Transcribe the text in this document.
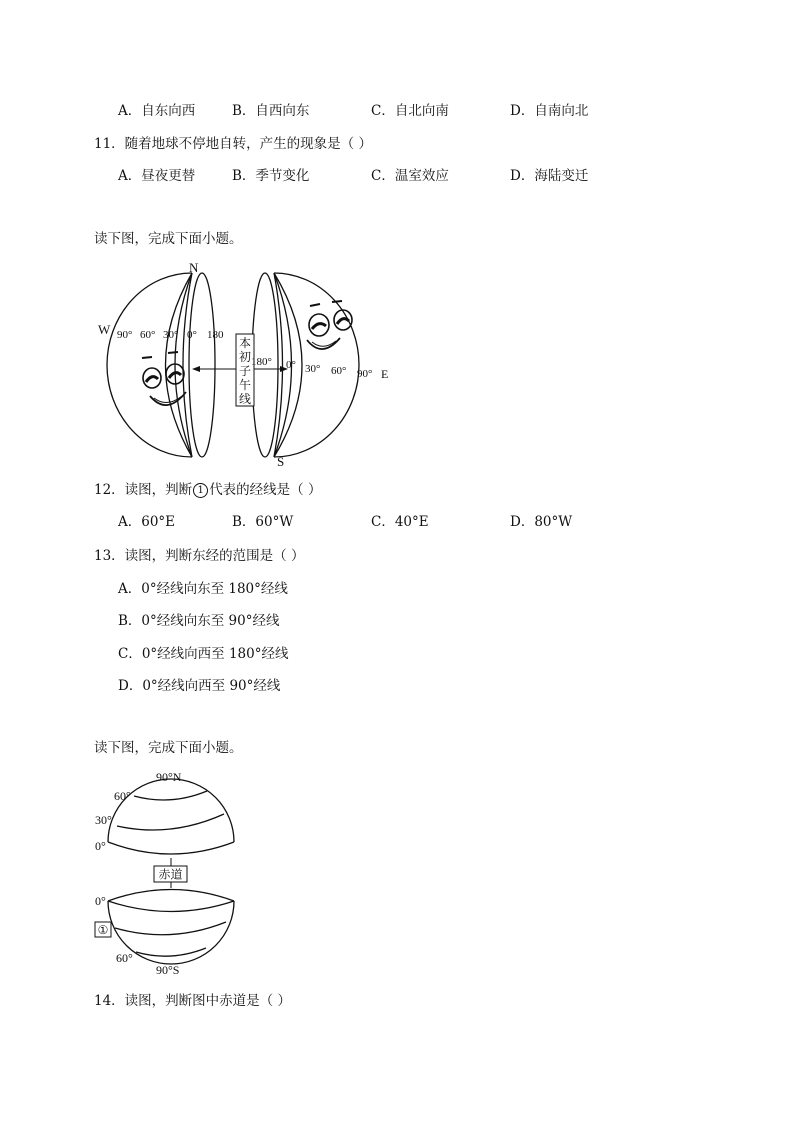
A．自东向西	B．自西向东	C．自北向南	D．自南向北
11．随着地球不停地自转，产生的现象是（ ）
A．昼夜更替	B．季节变化	C．温室效应	D．海陆变迁
读下图，完成下面小题。
本
初
子
午
线
N
S
W
E
90° 60° 30° 0° 180
180° 0° 30° 60° 90°
12．读图，判断 1 代表的经线是（ ）
A．60°E	B．60°W	C．40°E	D．80°W
13．读图，判断东经的范围是（ ）
A．0°经线向东至 180°经线
B．0°经线向东至 90°经线
C．0°经线向西至 180°经线
D．0°经线向西至 90°经线
读下图，完成下面小题。
赤道
90°N
60°
30°
0°
0°
①
60°
90°S
14．读图，判断图中赤道是（ ）
